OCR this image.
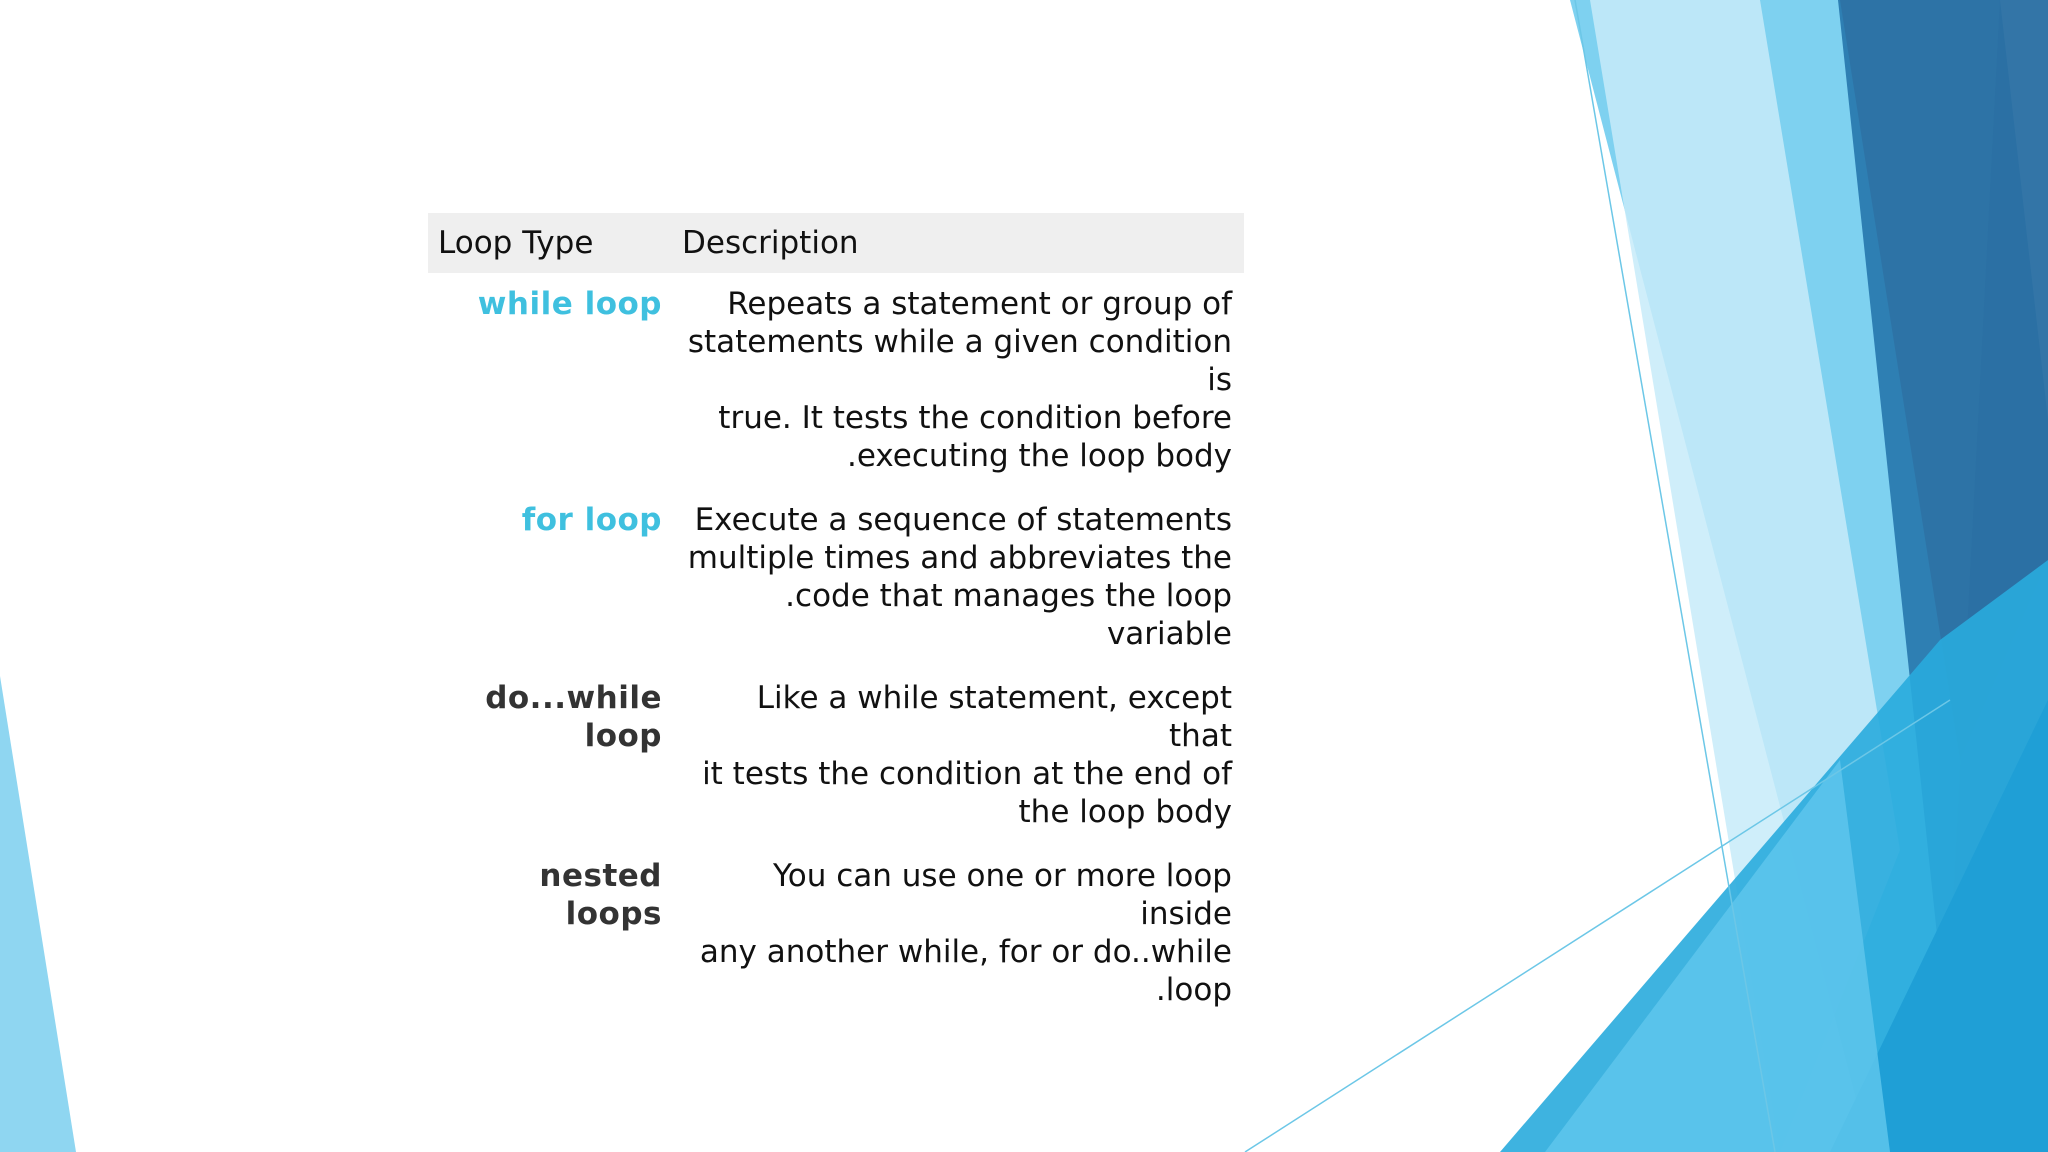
Loop Type	Description
while loop	Repeats a statement or group of
statements while a given condition is
true. It tests the condition before
.executing the loop body
for loop	Execute a sequence of statements
multiple times and abbreviates the
.code that manages the loop variable
do...while
loop	Like a while statement, except that
it tests the condition at the end of
the loop body
nested loops	You can use one or more loop inside
any another while, for or do..while
.loop
